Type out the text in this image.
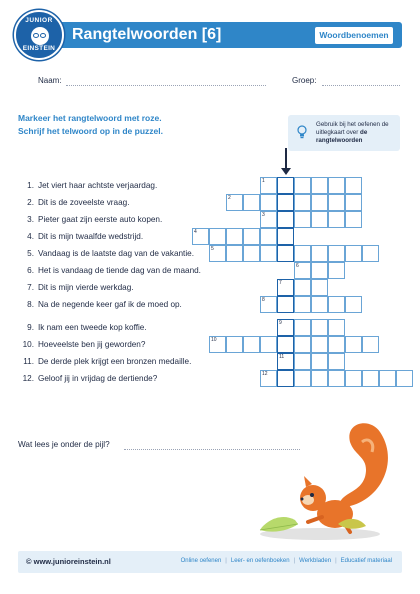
JUNIOR
EINSTEIN
Rangtelwoorden [6]	Woordbenoemen
Naam:	Groep:
Markeer het rangtelwoord met roze.
Schrijf het telwoord op in de puzzel.
Gebruik bij het oefenen de uitlegkaart over de rangtelwoorden
1. Jet viert haar achtste verjaardag.
2. Dit is de zoveelste vraag.
3. Pieter gaat zijn eerste auto kopen.
4. Dit is mijn twaalfde wedstrijd.
5. Vandaag is de laatste dag van de vakantie.
6. Het is vandaag de tiende dag van de maand.
7. Dit is mijn vierde werkdag.
8. Na de negende keer gaf ik de moed op.
9. Ik nam een tweede kop koffie.
10. Hoeveelste ben jij geworden?
11. De derde plek krijgt een bronzen medaille.
12. Geloof jij in vrijdag de dertiende?
1
2
3
4
5
6
7
8
9
10
11
12
Wat lees je onder de pijl?
© www.junioreinstein.nl	Online oefenen | Leer- en oefenboeken | Werkbladen | Educatief materiaal
